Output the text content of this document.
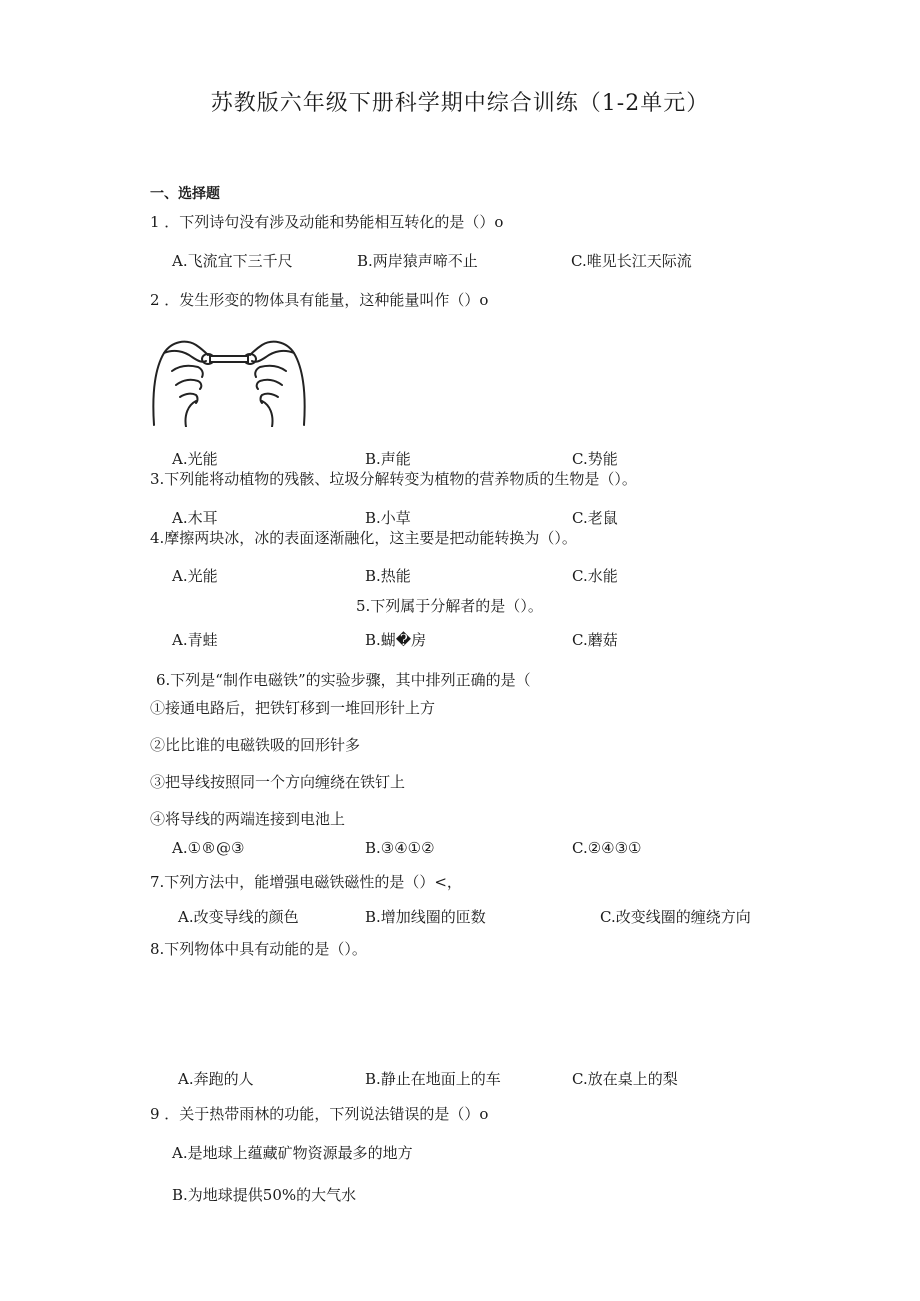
苏教版六年级下册科学期中综合训练（1-2单元）
一、选择题
1 ．下列诗句没有涉及动能和势能相互转化的是（）o
A.飞流宜下三千尺	B.两岸猿声啼不止	C.唯见长江天际流
2 ．发生形变的物体具有能量，这种能量叫作（）o
A.光能	B.声能	C.势能
3.下列能将动植物的残骸、垃圾分解转变为植物的营养物质的生物是（）。
A.木耳	B.小草	C.老鼠
4.摩擦两块冰，冰的表面逐渐融化，这主要是把动能转换为（）。
A.光能	B.热能	C.水能
5.下列属于分解者的是（）。
A.青蛙	B.蝴�房	C.蘑菇
6.下列是“制作电磁铁”的实验步骤，其中排列正确的是（
①接通电路后，把铁钉移到一堆回形针上方
②比比谁的电磁铁吸的回形针多
③把导线按照同一个方向缠绕在铁钉上
④将导线的两端连接到电池上
A.①®@③	B.③④①②	C.②④③①
7.下列方法中，能增强电磁铁磁性的是（）<，
A.改变导线的颜色	B.增加线圈的匝数	C.改变线圈的缠绕方向
8.下列物体中具有动能的是（）。
A.奔跑的人	B.静止在地面上的车	C.放在桌上的梨
9 ．关于热带雨林的功能，下列说法错误的是（）o
A.是地球上蕴藏矿物资源最多的地方
B.为地球提供50%的大气水
